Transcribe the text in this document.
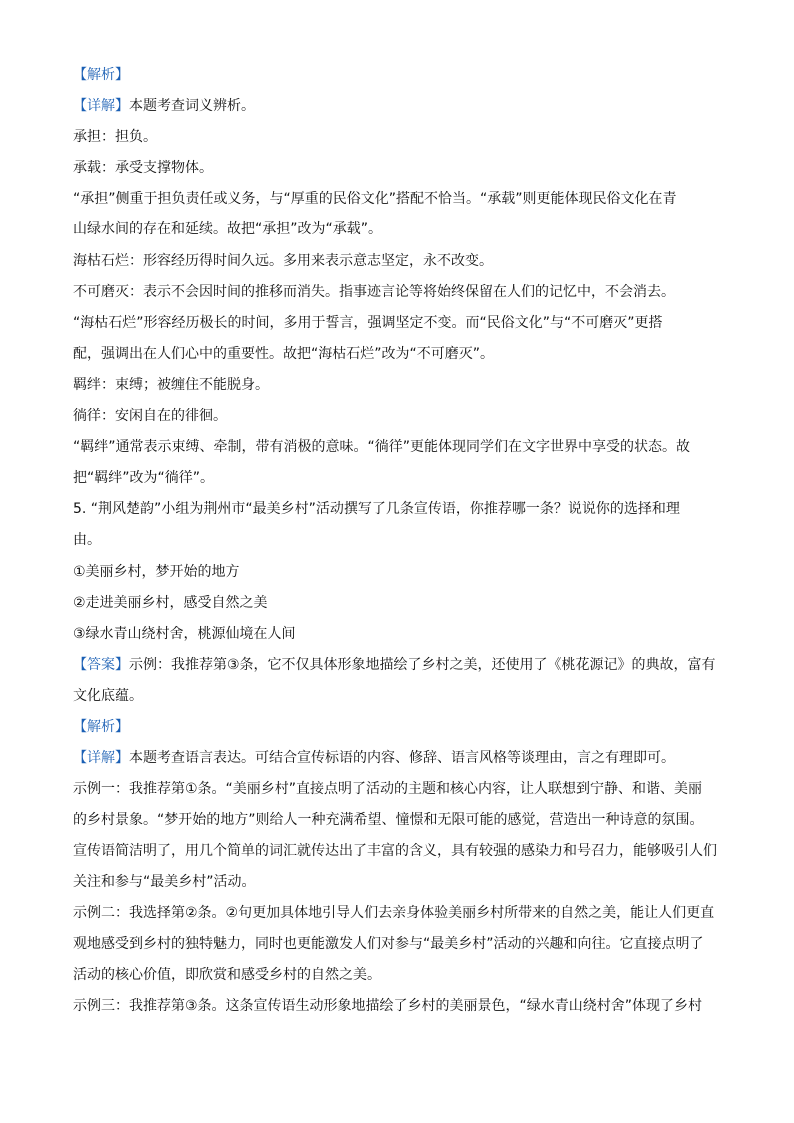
【解析】
【详解】本题考查词义辨析。
承担：担负。
承载：承受支撑物体。
“承担”侧重于担负责任或义务，与“厚重的民俗文化”搭配不恰当。“承载”则更能体现民俗文化在青
山绿水间的存在和延续。故把“承担”改为“承载”。
海枯石烂：形容经历得时间久远。多用来表示意志坚定，永不改变。
不可磨灭：表示不会因时间的推移而消失。指事迹言论等将始终保留在人们的记忆中，不会消去。
“海枯石烂”形容经历极长的时间，多用于誓言，强调坚定不变。而“民俗文化”与“不可磨灭”更搭
配，强调出在人们心中的重要性。故把“海枯石烂”改为“不可磨灭”。
羁绊：束缚；被缠住不能脱身。
徜徉：安闲自在的徘徊。
“羁绊”通常表示束缚、牵制，带有消极的意味。“徜徉”更能体现同学们在文字世界中享受的状态。故
把“羁绊”改为“徜徉”。
5. “荆风楚韵”小组为荆州市“最美乡村”活动撰写了几条宣传语，你推荐哪一条？说说你的选择和理
由。
①美丽乡村，梦开始的地方
②走进美丽乡村，感受自然之美
③绿水青山绕村舍，桃源仙境在人间
【答案】示例：我推荐第③条，它不仅具体形象地描绘了乡村之美，还使用了《桃花源记》的典故，富有
文化底蕴。
【解析】
【详解】本题考查语言表达。可结合宣传标语的内容、修辞、语言风格等谈理由，言之有理即可。
示例一：我推荐第①条。“美丽乡村”直接点明了活动的主题和核心内容，让人联想到宁静、和谐、美丽
的乡村景象。“梦开始的地方”则给人一种充满希望、憧憬和无限可能的感觉，营造出一种诗意的氛围。
宣传语简洁明了，用几个简单的词汇就传达出了丰富的含义，具有较强的感染力和号召力，能够吸引人们
关注和参与“最美乡村”活动。
示例二：我选择第②条。②句更加具体地引导人们去亲身体验美丽乡村所带来的自然之美，能让人们更直
观地感受到乡村的独特魅力，同时也更能激发人们对参与“最美乡村”活动的兴趣和向往。它直接点明了
活动的核心价值，即欣赏和感受乡村的自然之美。
示例三：我推荐第③条。这条宣传语生动形象地描绘了乡村的美丽景色，“绿水青山绕村舍”体现了乡村
